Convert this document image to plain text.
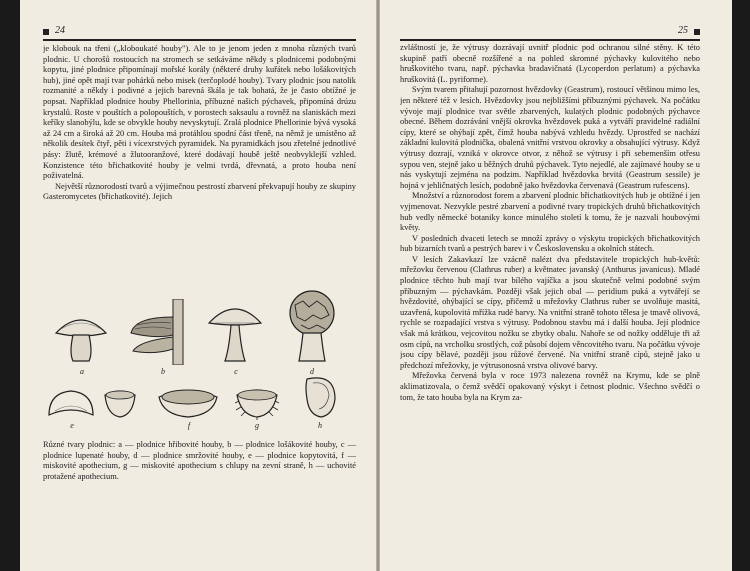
24

je klobouk na třeni („kloboukaté houby"). Ale to je jenom jeden z mnoha různých tvarů plodnic. U chorošů rostoucích na stromech se setkáváme někdy s plodnicemi podobnými kopytu, jiné plodnice připomínají mořské korály (některé druhy kuřátek nebo lošákovitých hub), jiné opět mají tvar pohárků nebo misek (terčoplodé houby). Tvary plodnic jsou natolik rozmanité a někdy i podivné a jejich barevná škála je tak bohatá, že je často obtížné je popsat. Například plodnice houby Phellorinia, příbuzné našich pýchavek, připomíná drúzu krystalů. Roste v pouštích a polopouštích, v porostech saksaulu a rovněž na slaniskách mezi keříky slanobýlu, kde se obvykle houby nevyskytují. Zralá plodnice Phellorinie bývá vysoká až 24 cm a široká až 20 cm. Houba má protáhlou spodní část třeně, na němž je umístěno až několik desítek čtyř, pěti i víceхrstvých pyramidek. Na pyramidkách jsou zřetelné jednotlivé pásy: žlutě, krémové a žlutooranžové, které dodávají houbě ještě neobvyklejší vzhled. Konzistence této břichatkovité houby je velmi tvrdá, dřevnatá, a proto houba není poživatelná.

Největší různorodostí tvarů a výjimečnou pestrostí zbarvení překvapují houby ze skupiny Gasteromycetes (břichatkovité). Jejich

a	b	c	d
e	f	g	h
Různé tvary plodnic: a — plodnice hřibovité houby, b — plodnice lošákovité houby, c — plodnice lupenaté houby, d — plodnice smržovité houby, e — plodnice kopytovitá, f — miskovité apothecium, g — miskovité apothecium s chlupy na zevní straně, h — uchovité protažené apothecium.
25

zvláštností je, že výtrusy dozrávají uvnitř plodnic pod ochranou silné stěny. K této skupině patří obecně rozšířené a na pohled skromné pýchavky kulovitého nebo hruškovitého tvaru, např. pýchavka bradavičnatá (Lycoperdon perlatum) a pýchavka hruškovitá (L. pyriforme).

Svým tvarem přitahují pozornost hvězdovky (Geastrum), rostoucí většinou mimo les, jen některé též v lesích. Hvězdovky jsou nejbližšími příbuznými pýchavek. Na počátku vývoje mají plodnice tvar světle zbarvených, kulatých plodnic podobných pýchavce obecné. Během dozrávání vnější okrovka hvězdovek puká a vytváří pravidelné radiální cípy, které se ohýbají zpět, čímž houba nabývá vzhledu hvězdy. Uprostřed se nachází základní kulovitá plodnička, obalená vnitřní vrstvou okrovky a obsahující výtrusy. Když výtrusy dozrají, vzniká v okrovce otvor, z něhož se výtrusy i při sebemenším otřesu sypou ven, stejně jako u běžných druhů pýchavek. Tyto nejedlé, ale zajímavé houby se u nás vyskytují zejména na podzim. Například hvězdovka brvitá (Geastrum sessile) je hojná v jehličnatých lesích, podobně jako hvězdovka červenavá (Geastrum rufescens).

Množství a různorodost forem a zbarvení plodnic břichatkovitých hub je obtížné i jen vyjmenovat. Nezvykle pestré zbarvení a podivné tvary tropických druhů břichatkovitých hub vedly německé botaniky konce minulého století k tomu, že je nazvali houbovými květy.

V posledních dvaceti letech se množí zprávy o výskytu tropických břichatkovitých hub bizarních tvarů a pestrých barev i v Československu a okolních státech.

V lesích Zakavkazí lze vzácně nalézt dva představitele tropických hub-květů: mřežovku červenou (Clathrus ruber) a květnatec javanský (Anthurus javanicus). Mladé plodnice těchto hub mají tvar bílého vajíčka a jsou skutečně velmi podobné svým příbuzným — pýchavkám. Později však jejich obal — peridium puká a vytvářejí se hvězdovité, ohýbající se cípy, přičemž u mřežovky Clathrus ruber se uvolňuje masitá, uzavřená, kupolovitá mřížka rudé barvy. Na vnitřní straně tohoto tělesa je tmavě olivová, rychle se rozpadající vrstva s výtrusy. Podobnou stavbu má i další houba. Její plodnice však má krátkou, vejcovitou nožku se zbytky obalu. Nahoře se od nožky odděluje tři až osm cípů, na vrcholku srostlých, což působí dojem věncovitého tvaru. Na počátku vývoje jsou cípy bělavé, později jsou růžové červené. Na vnitřní straně cípů, stejně jako u předchozí mřežovky, je výtrusonosná vrstva olivové barvy.

Mřežovka červená byla v roce 1973 nalezena rovněž na Krymu, kde se plně aklimatizovala, o čemž svědčí opakovaný výskyt i četnost plodnic. Všechno svědčí o tom, že tato houba byla na Krym za-
